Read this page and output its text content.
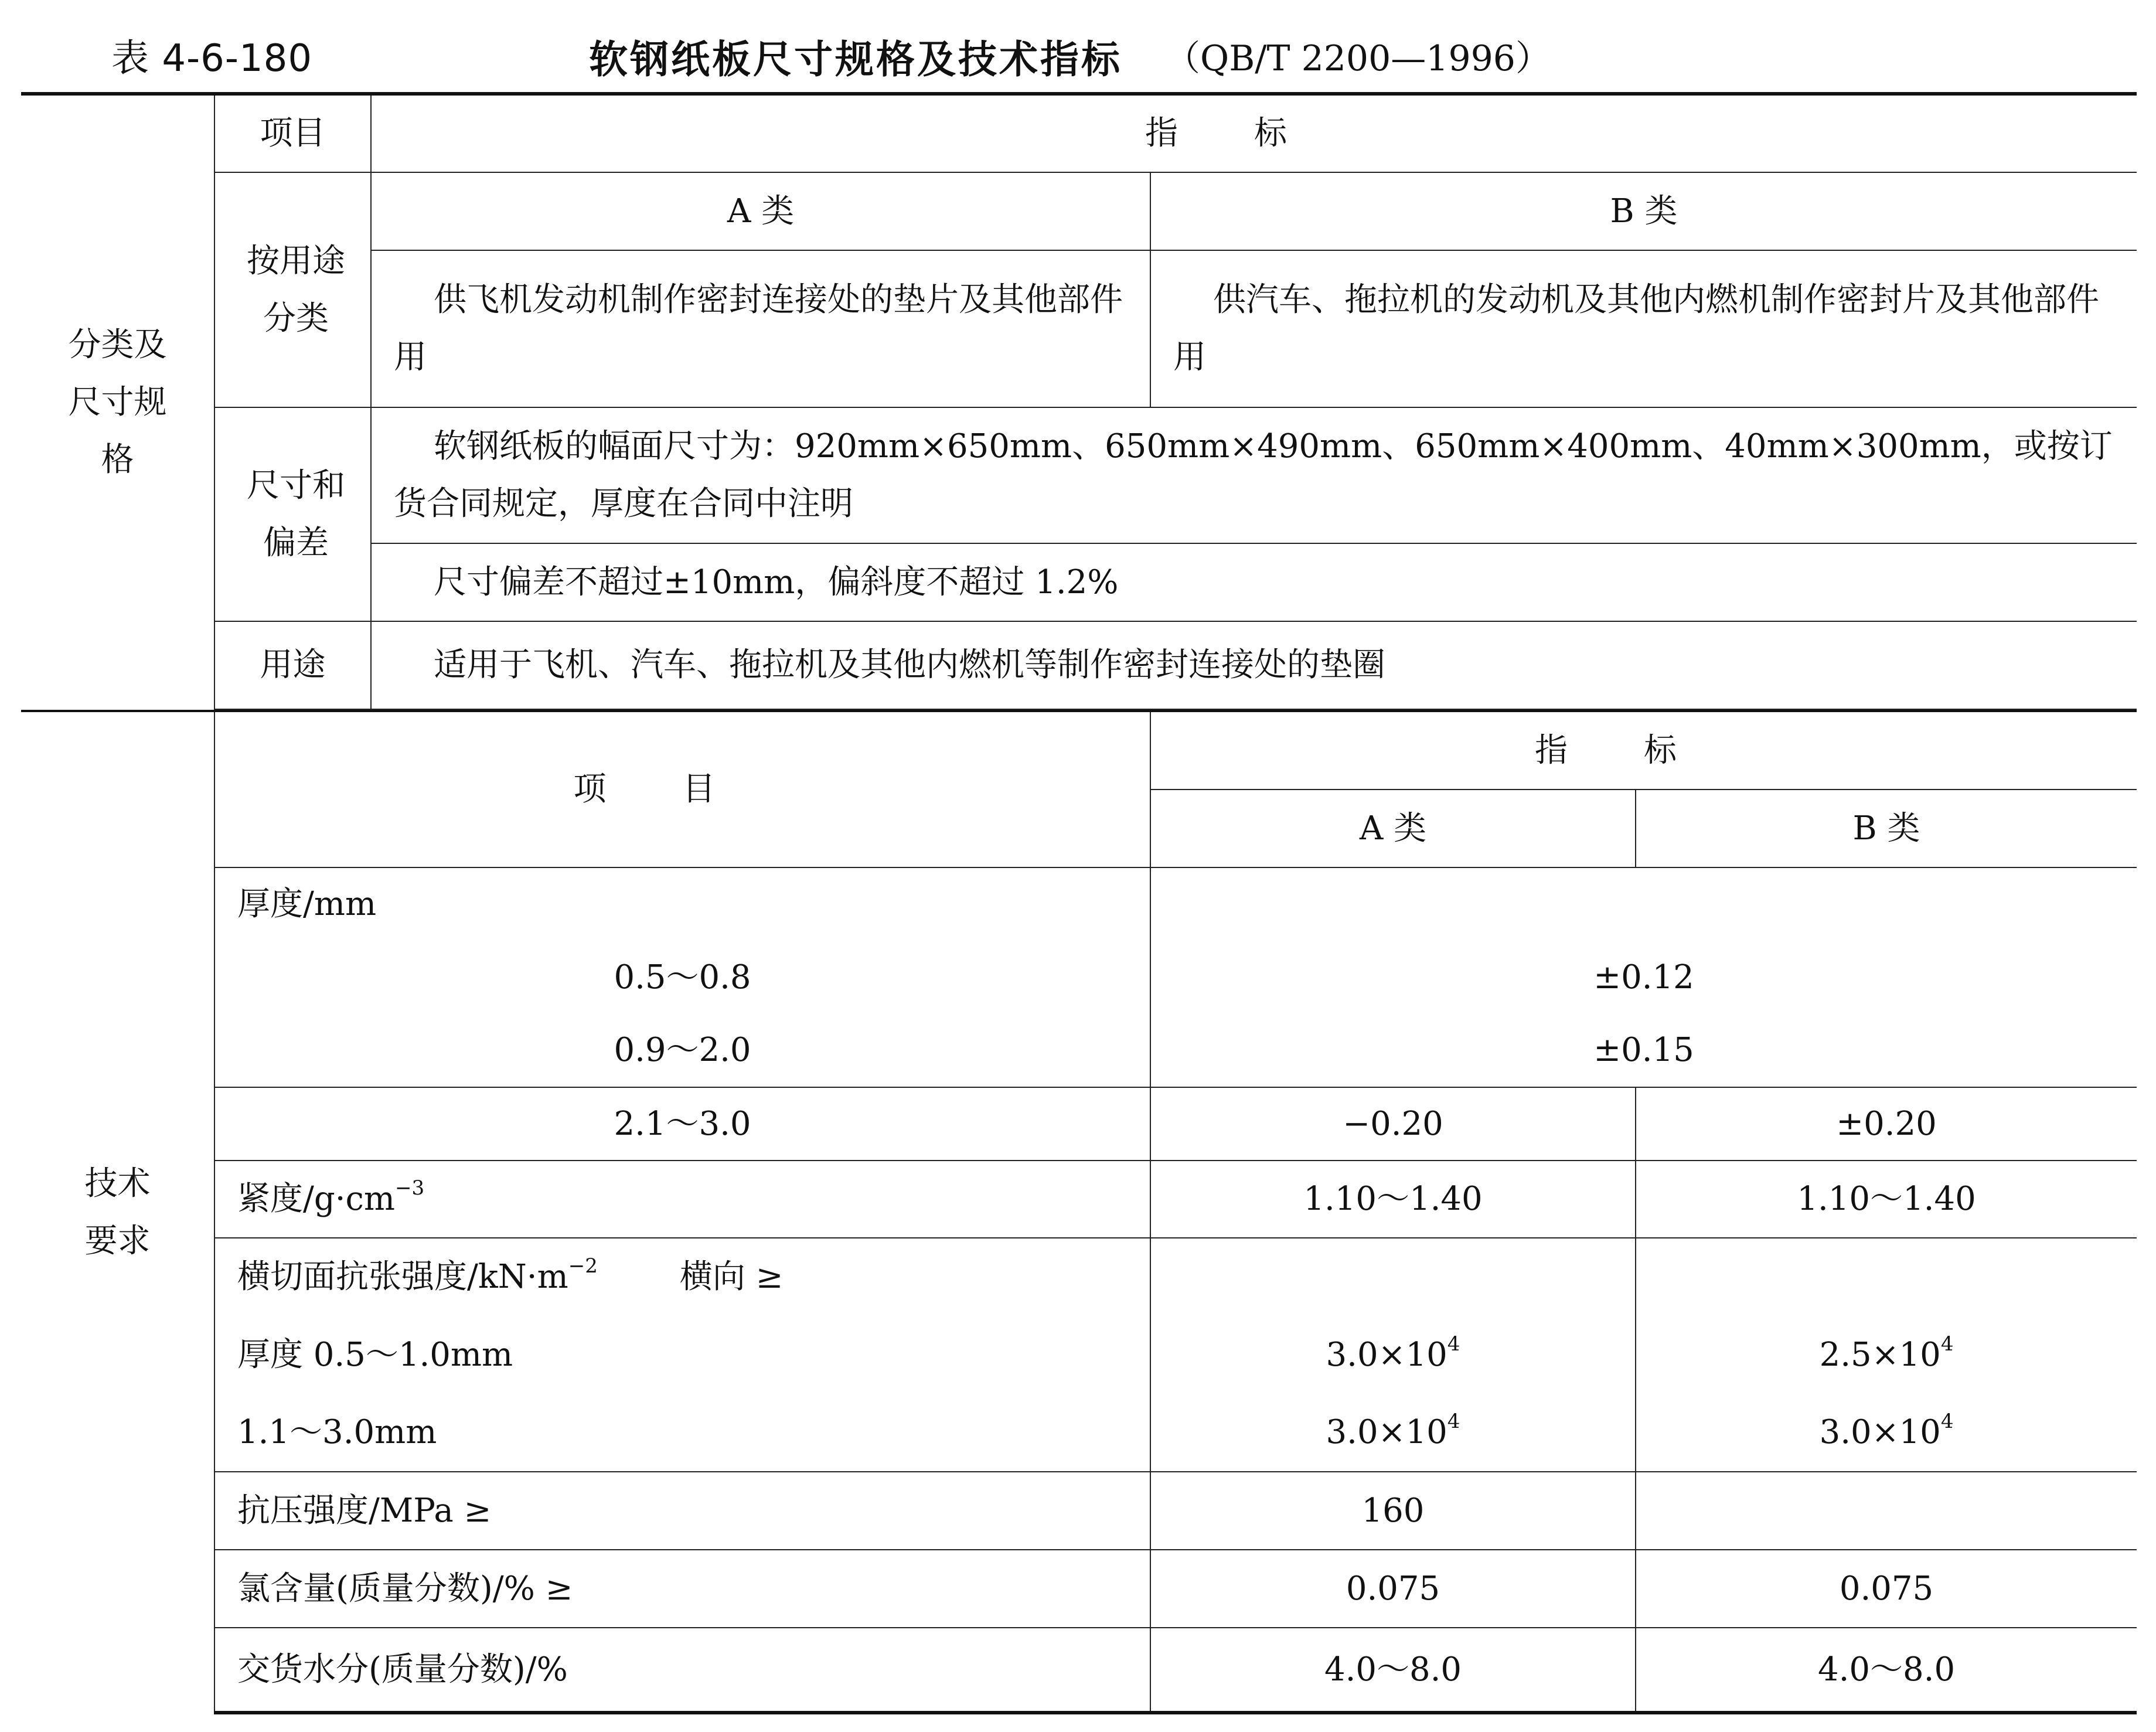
表 4-6-180	软钢纸板尺寸规格及技术指标 （QB/T 2200—1996）
分类及尺寸规格	项目	指标		

	按用途分类	A 类	B 类	
		供飞机发动机制作密封连接处的垫片及其他部件用	供汽车、拖拉机的发动机及其他内燃机制作密封片及其他部件用	

	尺寸和偏差	软钢纸板的幅面尺寸为：920mm×650mm、650mm×490mm、650mm×400mm、40mm×300mm，或按订货合同规定，厚度在合同中注明		
		尺寸偏差不超过±10mm，偏斜度不超过 1.2%		
	用途	适用于飞机、汽车、拖拉机及其他内燃机等制作密封连接处的垫圈		

技术要求	项目		指标	
			A 类	B 类
	厚度/mm			
	0.5～0.8		±0.12	
	0.9～2.0		±0.15	
	2.1～3.0		−0.20	±0.20
	紧度$/g\cdot cm^{-3}$		1.10～1.40	1.10～1.40
	横切面抗张强度$/kN\cdot m^{-2}$ 横向 ≥			
	厚度 0.5～1.0mm		$3.0\times 10^4$	$2.5\times 10^4$
	1.1～3.0mm		$3.0\times 10^4$	$3.0\times 10^4$
	抗压强度/MPa ≥		160	
	氯含量(质量分数)/% ≥		0.075	0.075
	交货水分(质量分数)/%		4.0～8.0	4.0～8.0
